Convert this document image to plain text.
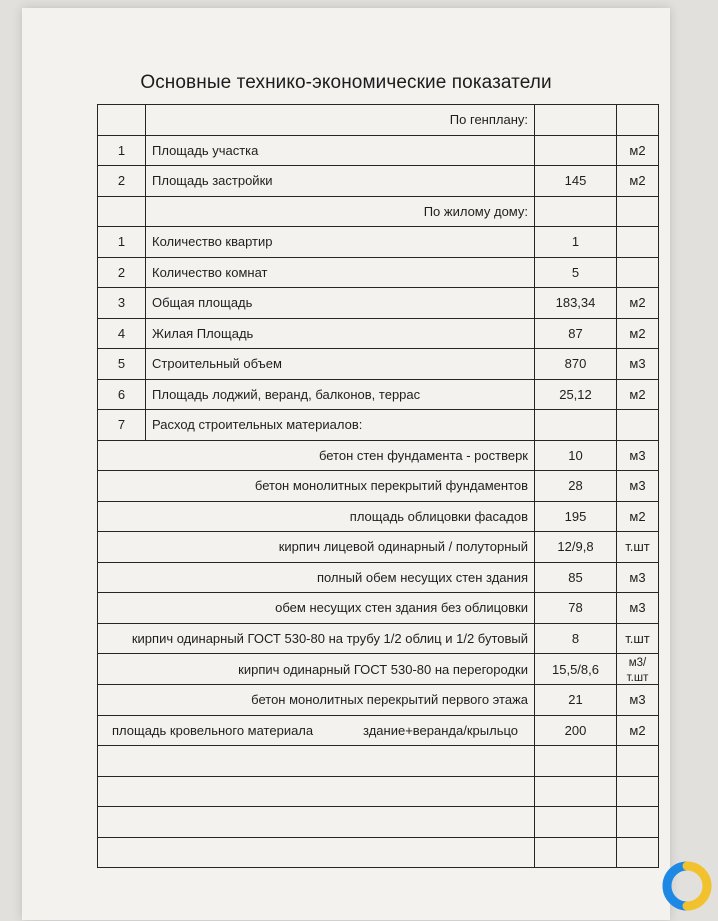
Основные технико-экономические показатели
	По генплану:		
1	Площадь участка		м2
2	Площадь застройки	145	м2
	По жилому дому:		
1	Количество квартир	1	
2	Количество комнат	5	
3	Общая площадь	183,34	м2
4	Жилая Площадь	87	м2
5	Строительный объем	870	м3
6	Площадь лоджий, веранд, балконов, террас	25,12	м2
7	Расход строительных материалов:		
бетон стен фундамента - ростверк		10	м3
бетон монолитных перекрытий фундаментов		28	м3
площадь облицовки фасадов		195	м2
кирпич лицевой одинарный / полуторный		12/9,8	т.шт
полный обем несущих стен здания		85	м3
обем несущих стен здания без облицовки		78	м3
кирпич одинарный ГОСТ 530-80 на трубу 1/2 облиц и 1/2 бутовый		8	т.шт
кирпич одинарный ГОСТ 530-80 на перегородки		15,5/8,6	м3/
т.шт
бетон монолитных перекрытий первого этажа		21	м3

площадь кровельного материала здание+веранда/крыльцо		200	м2
